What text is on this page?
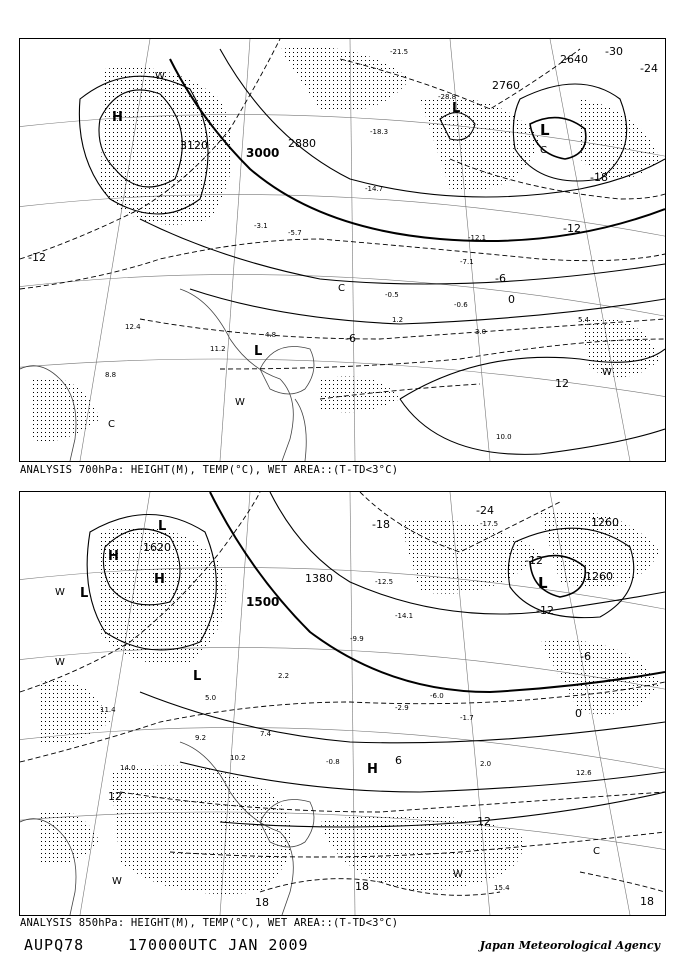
3120
3000
2880
2760
2640
-30
-24
-18
-12
-6
0
-6
-12
12
H
L
L
L
W
C
W
C
W
C
-21.5
-28.8
-18.3
-14.7
-12.1
-7.1
-0.6
-5.7
-3.1
12.4
8.8
11.2
4.8	3.0
5.4
10.0
-0.5
1.2
ANALYSIS 700hPa: HEIGHT(M), TEMP(°C), WET AREA::(T-TD<3°C)
1620
1500
1380
1260
1260
-24
-18
-12
-12
-6
0
6
12
18
18
12
18
H
H
L
L
L
H
L
W
W
C
W
W
-17.5
-12.5
-14.1
-9.9
-6.0
-2.9
-1.7
2.0
11.4
14.0
5.0
7.4
2.2
15.4
12.6
10.2
9.2
-0.8
ANALYSIS 850hPa: HEIGHT(M), TEMP(°C), WET AREA::(T-TD<3°C)
AUPQ78	170000UTC JAN 2009	Japan Meteorological Agency
